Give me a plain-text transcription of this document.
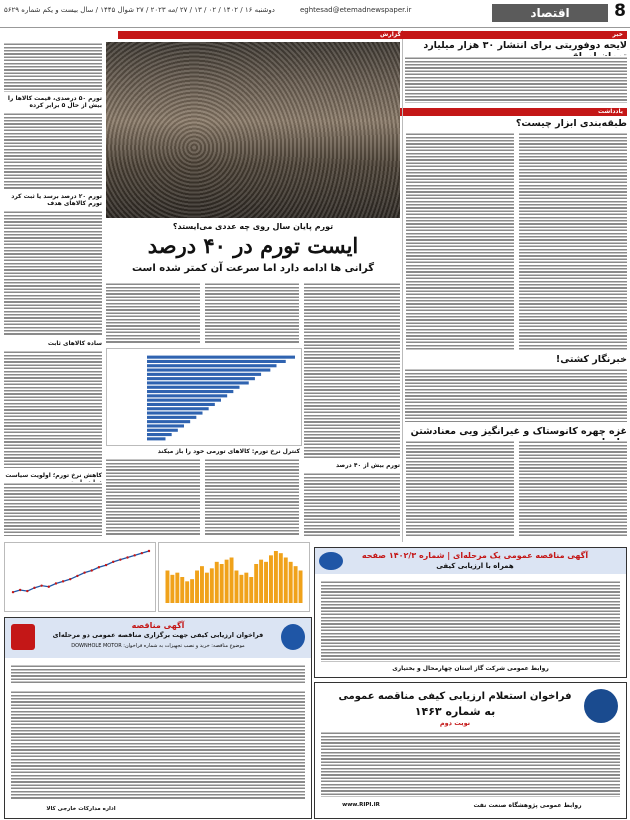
8
اقتصاد
eghtesad@etemadnewspaper.ir
دوشنبه ۱۶ / ۱۴۰۲ / ۰۲ / ۱۳ / ۲۷ /مه ۲۰۲۳ / ۲۷ شوال ۱۴۴۵ / سال بیست و یکم شماره ۵۶۲۹
خبر
لایحه دوفوریتی برای انتشار ۳۰ هزار میلیارد
یادداشت
طبقه‌بندی ابزار چیست؟
خبرنگار کشتی!
غزه چهره کانوستاک و غیرانگیز ویی معنادشتن
گزارش
تورم ۵۰ درصدی، قیمت کالاها را بیش از حال ۵ برابر کرده
تورم ۲۰ درصد برسد یا ثبت کرد تورم کالاهای هدف
ساده کالاهای ثابت
تورم پایان سال روی چه عددی می‌ایستد؟
ایست تورم در ۴۰ درصد
گرانی ها ادامه دارد اما سرعت آن کمتر شده است
تورم بیش از ۴۰ درصد
کنترل نرخ تورم: کالاهای تورمی خود را باز میکند
کاهش نرخ تورم؛ اولویت سیاست
آگهی مناقصه عمومی یک مرحله‌ای | شماره ۱۴۰۲/۳ صفحه
همراه با ارزیابی کیفی
روابط عمومی شرکت گاز استان چهارمحال و بختیاری
آگهی مناقصه
فراخوان ارزیابی کیفی جهت برگزاری مناقصه عمومی دو مرحله‌ای
موضوع مناقصه: خرید و نصب تجهیزات به شماره فراخوان: DOWNHOLE MOTOR
اداره مدارکات خارجی کالا
فراخوان استعلام ارزیابی کیفی مناقصه عمومی
به شماره ۱۴۶۳
نوبت دوم
www.RIPI.IR	روابط عمومی پژوهشگاه صنعت نفت
